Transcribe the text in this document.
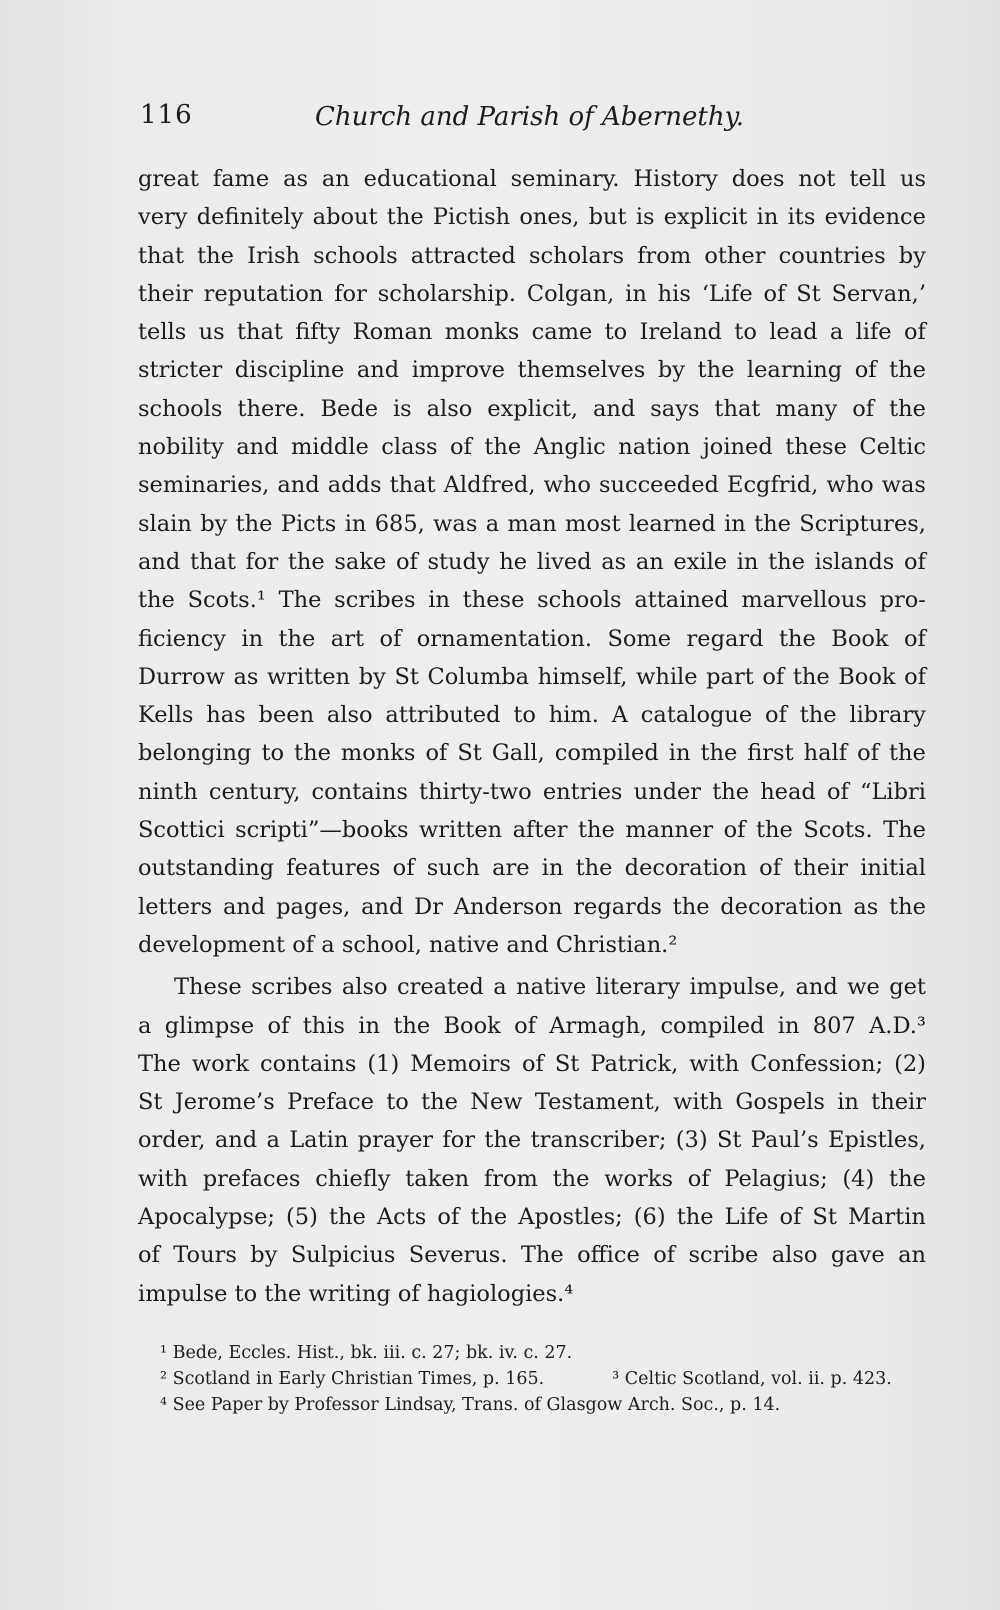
116	Church and Parish of Abernethy.
great fame as an educational seminary. History does not tell us
very definitely about the Pictish ones, but is explicit in its evidence
that the Irish schools attracted scholars from other countries by
their reputation for scholarship. Colgan, in his ‘Life of St Servan,’
tells us that fifty Roman monks came to Ireland to lead a life of
stricter discipline and improve themselves by the learning of the
schools there. Bede is also explicit, and says that many of the
nobility and middle class of the Anglic nation joined these Celtic
seminaries, and adds that Aldfred, who succeeded Ecgfrid, who was
slain by the Picts in 685, was a man most learned in the Scriptures,
and that for the sake of study he lived as an exile in the islands of
the Scots.¹ The scribes in these schools attained marvellous pro-
ficiency in the art of ornamentation. Some regard the Book of
Durrow as written by St Columba himself, while part of the Book of
Kells has been also attributed to him. A catalogue of the library
belonging to the monks of St Gall, compiled in the first half of the
ninth century, contains thirty-two entries under the head of “Libri
Scottici scripti”—books written after the manner of the Scots. The
outstanding features of such are in the decoration of their initial
letters and pages, and Dr Anderson regards the decoration as the
development of a school, native and Christian.²
These scribes also created a native literary impulse, and we get
a glimpse of this in the Book of Armagh, compiled in 807 A.D.³
The work contains (1) Memoirs of St Patrick, with Confession; (2)
St Jerome’s Preface to the New Testament, with Gospels in their
order, and a Latin prayer for the transcriber; (3) St Paul’s Epistles,
with prefaces chiefly taken from the works of Pelagius; (4) the
Apocalypse; (5) the Acts of the Apostles; (6) the Life of St Martin
of Tours by Sulpicius Severus. The office of scribe also gave an
impulse to the writing of hagiologies.⁴
¹ Bede, Eccles. Hist., bk. iii. c. 27; bk. iv. c. 27.
² Scotland in Early Christian Times, p. 165.	³ Celtic Scotland, vol. ii. p. 423.
⁴ See Paper by Professor Lindsay, Trans. of Glasgow Arch. Soc., p. 14.
